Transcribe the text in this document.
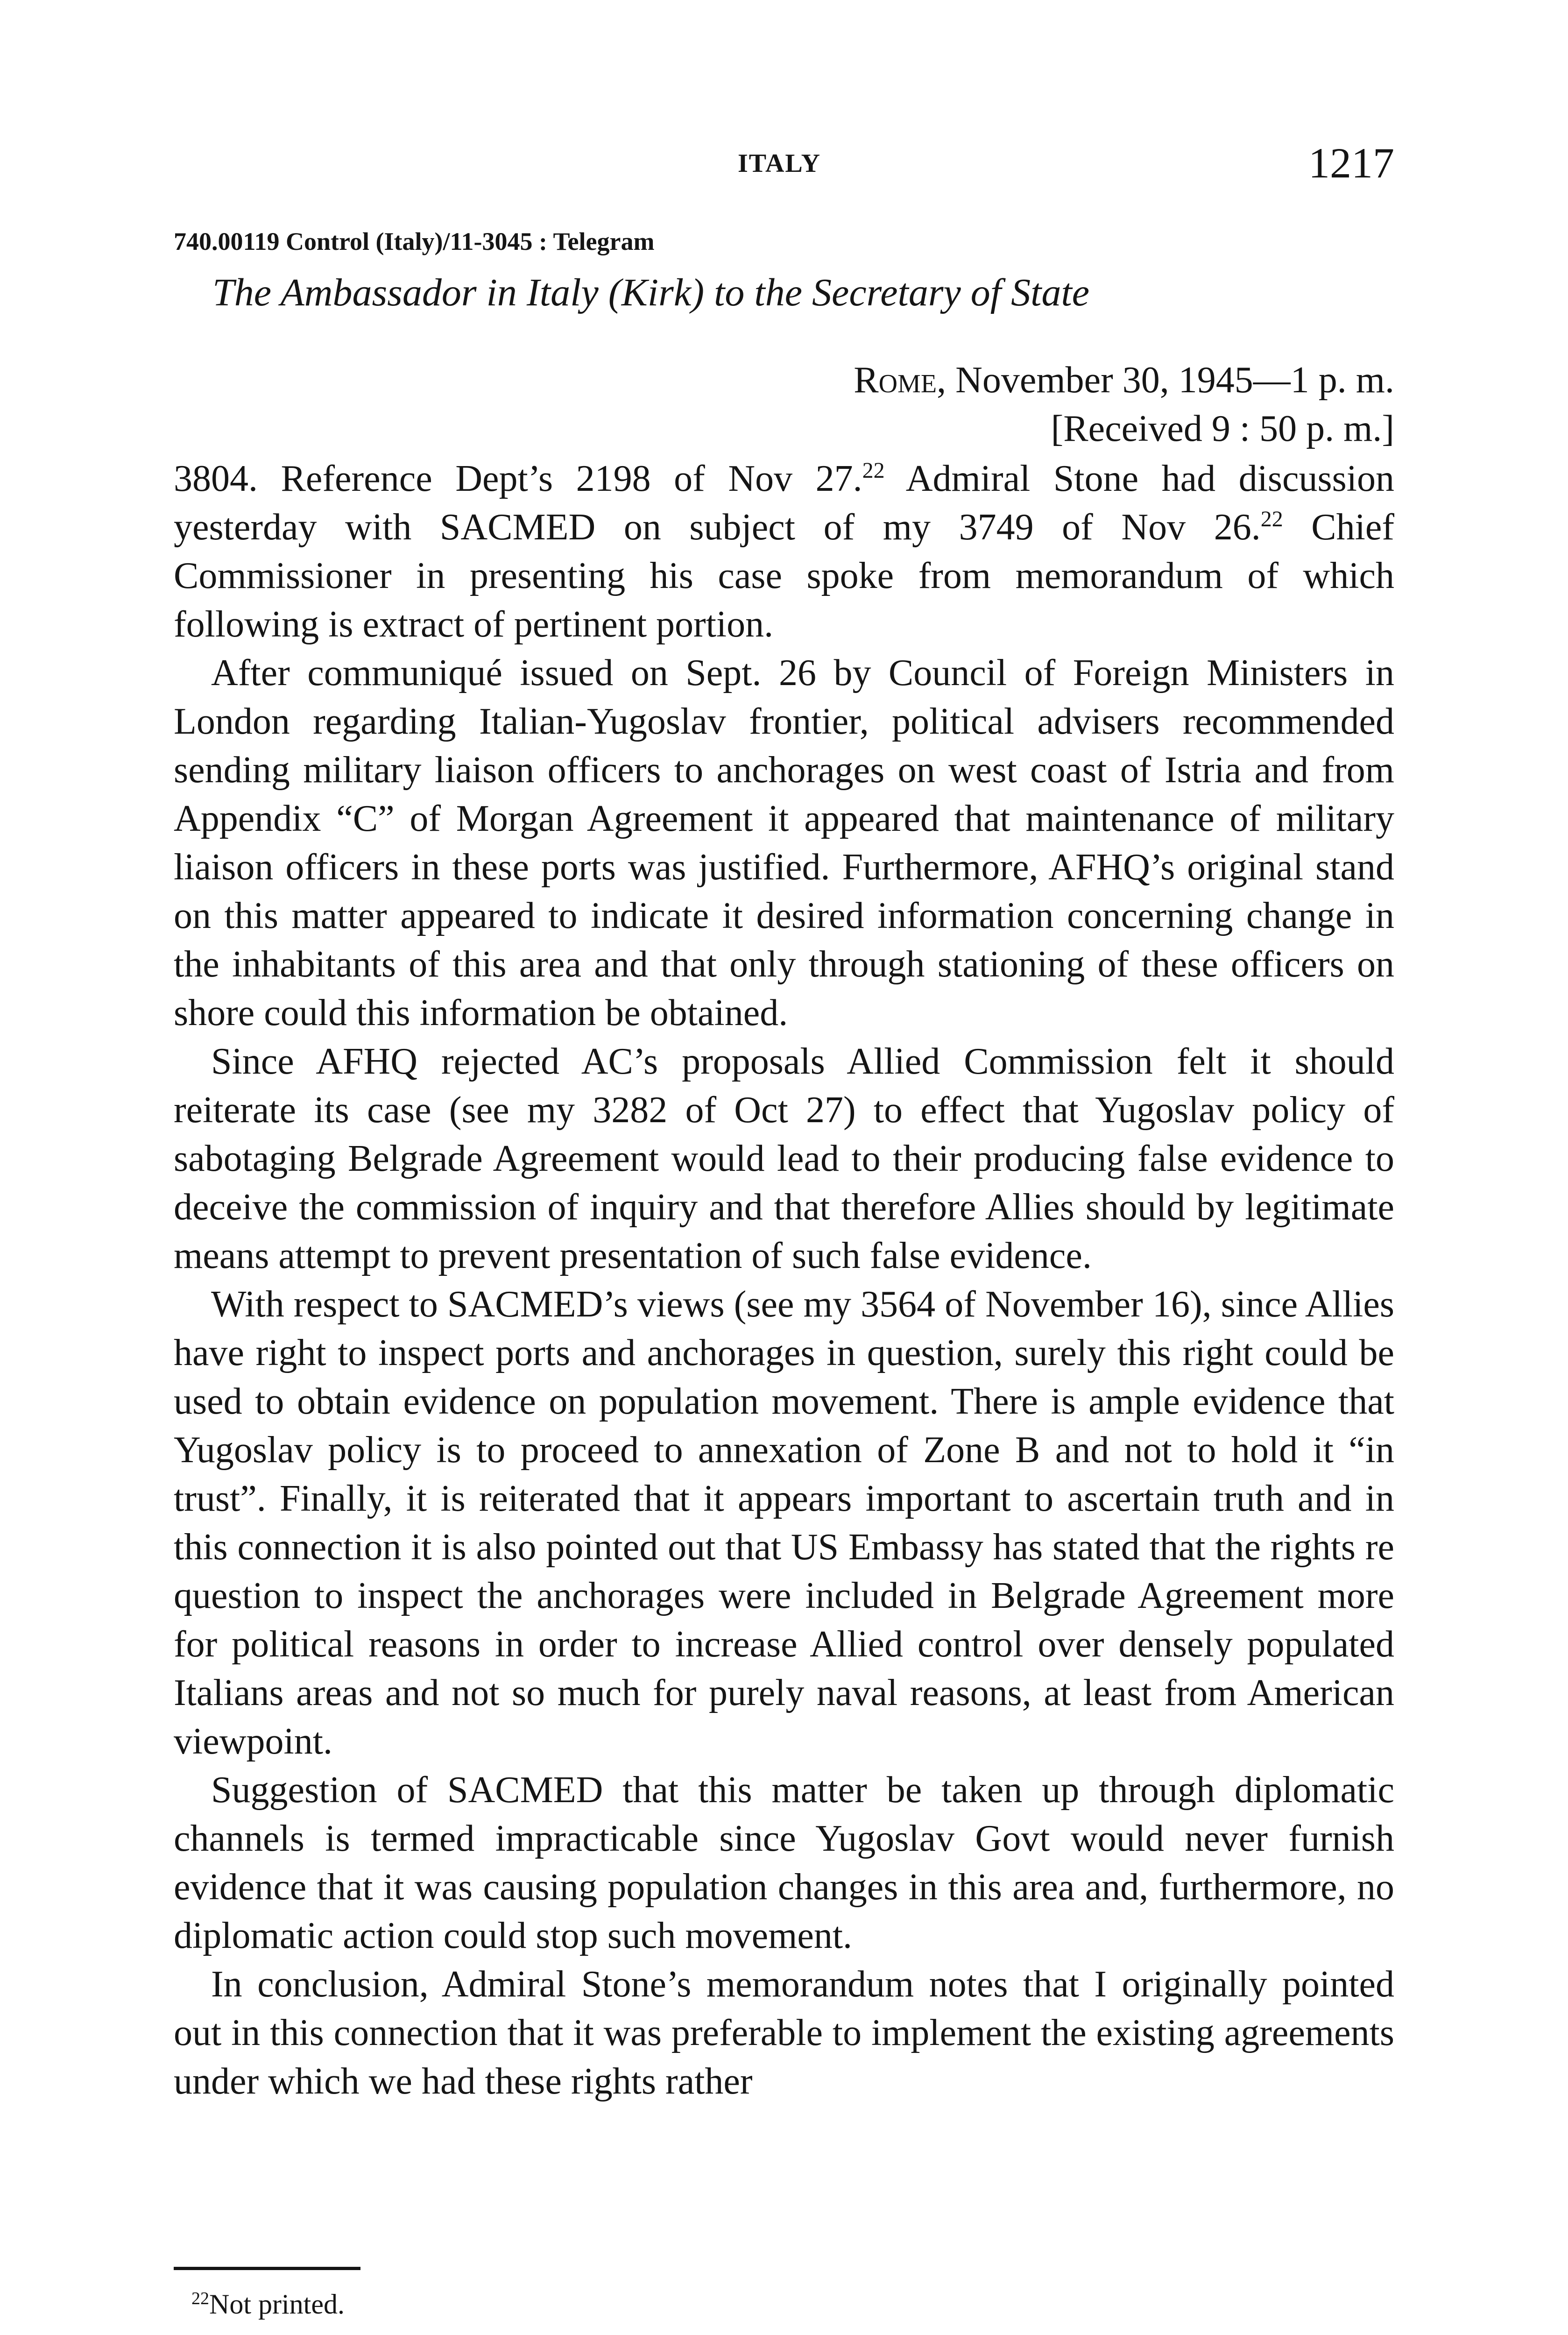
ITALY	1217
740.00119 Control (Italy)/11-3045 : Telegram
The Ambassador in Italy (Kirk) to the Secretary of State
Rome, November 30, 1945—1 p. m.
[Received 9 : 50 p. m.]

3804. Reference Dept’s 2198 of Nov 27.22 Admiral Stone had discussion yesterday with SACMED on subject of my 3749 of Nov 26.22 Chief Commissioner in presenting his case spoke from memorandum of which following is extract of pertinent portion.

After communiqué issued on Sept. 26 by Council of Foreign Ministers in London regarding Italian-Yugoslav frontier, political advisers recommended sending military liaison officers to anchorages on west coast of Istria and from Appendix “C” of Morgan Agreement it appeared that maintenance of military liaison officers in these ports was justified. Furthermore, AFHQ’s original stand on this matter appeared to indicate it desired information concerning change in the inhabitants of this area and that only through stationing of these officers on shore could this information be obtained.

Since AFHQ rejected AC’s proposals Allied Commission felt it should reiterate its case (see my 3282 of Oct 27) to effect that Yugoslav policy of sabotaging Belgrade Agreement would lead to their producing false evidence to deceive the commission of inquiry and that therefore Allies should by legitimate means attempt to prevent presentation of such false evidence.

With respect to SACMED’s views (see my 3564 of November 16), since Allies have right to inspect ports and anchorages in question, surely this right could be used to obtain evidence on population movement. There is ample evidence that Yugoslav policy is to proceed to annexation of Zone B and not to hold it “in trust”. Finally, it is reiterated that it appears important to ascertain truth and in this connection it is also pointed out that US Embassy has stated that the rights re question to inspect the anchorages were included in Belgrade Agreement more for political reasons in order to increase Allied control over densely populated Italians areas and not so much for purely naval reasons, at least from American viewpoint.

Suggestion of SACMED that this matter be taken up through diplomatic channels is termed impracticable since Yugoslav Govt would never furnish evidence that it was causing population changes in this area and, furthermore, no diplomatic action could stop such movement.

In conclusion, Admiral Stone’s memorandum notes that I originally pointed out in this connection that it was preferable to implement the existing agreements under which we had these rights rather

$^{22}$Not printed.
